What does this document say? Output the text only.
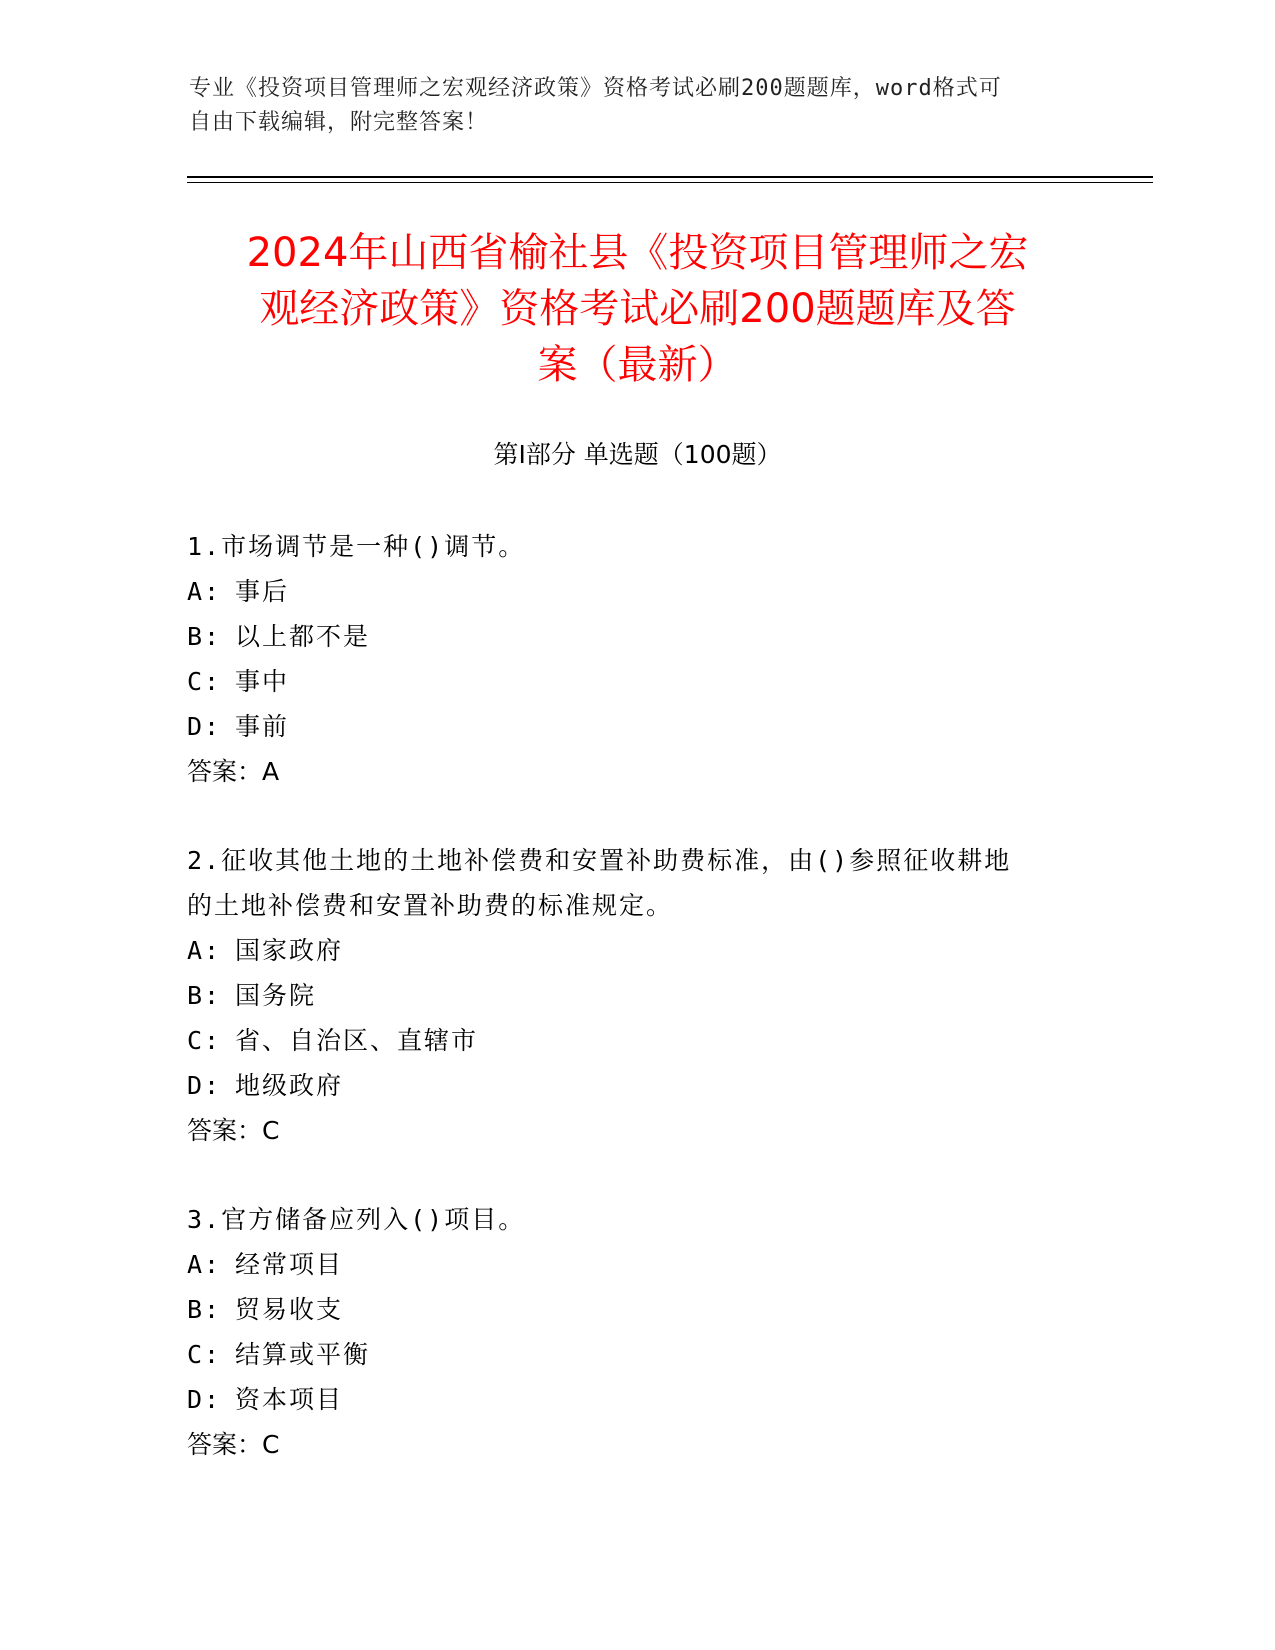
专业《投资项目管理师之宏观经济政策》资格考试必刷200题题库，word格式可
自由下载编辑，附完整答案！
2024年山西省榆社县《投资项目管理师之宏
观经济政策》资格考试必刷200题题库及答
案（最新）
第Ⅰ部分 单选题（100题）

1.市场调节是一种()调节。

A: 事后

B: 以上都不是

C: 事中

D: 事前

答案：A

2.征收其他土地的土地补偿费和安置补助费标准，由()参照征收耕地

的土地补偿费和安置补助费的标准规定。

A: 国家政府

B: 国务院

C: 省、自治区、直辖市

D: 地级政府

答案：C

3.官方储备应列入()项目。

A: 经常项目

B: 贸易收支

C: 结算或平衡

D: 资本项目

答案：C
